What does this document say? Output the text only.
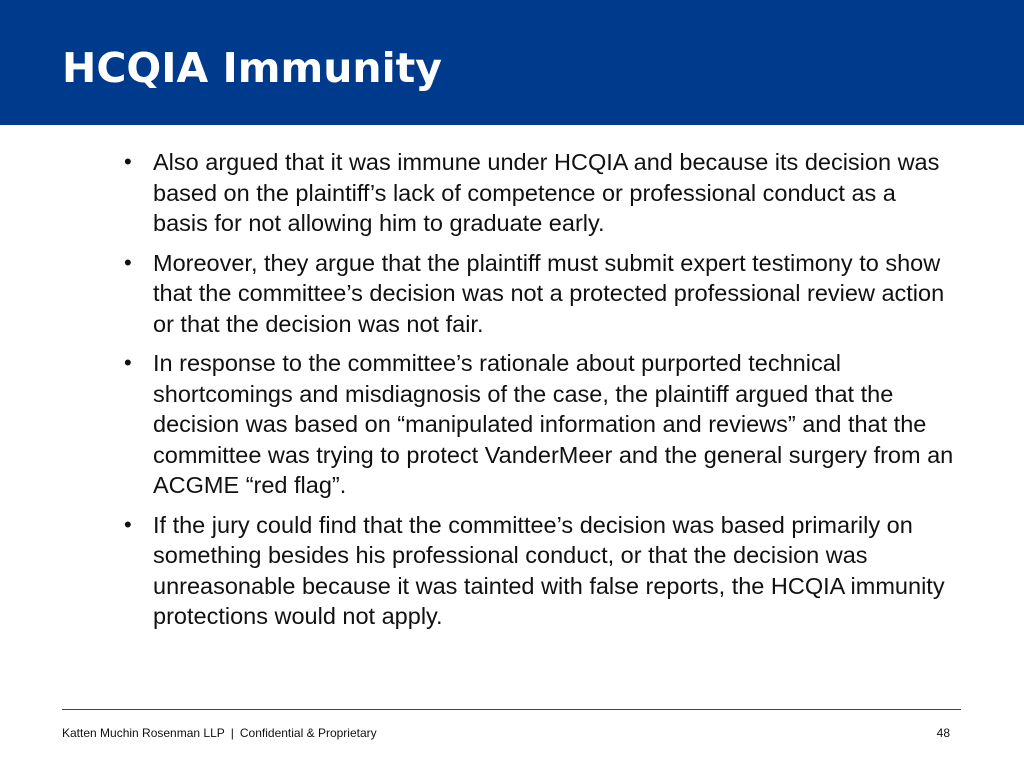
HCQIA Immunity
• Also argued that it was immune under HCQIA and because its decision was based on the plaintiff’s lack of competence or professional conduct as a basis for not allowing him to graduate early.
• Moreover, they argue that the plaintiff must submit expert testimony to show that the committee’s decision was not a protected professional review action or that the decision was not fair.
• In response to the committee’s rationale about purported technical shortcomings and misdiagnosis of the case, the plaintiff argued that the decision was based on “manipulated information and reviews” and that the committee was trying to protect VanderMeer and the general surgery from an ACGME “red flag”.
• If the jury could find that the committee’s decision was based primarily on something besides his professional conduct, or that the decision was unreasonable because it was tainted with false reports, the HCQIA immunity protections would not apply.
Katten Muchin Rosenman LLP | Confidential & Proprietary	48
